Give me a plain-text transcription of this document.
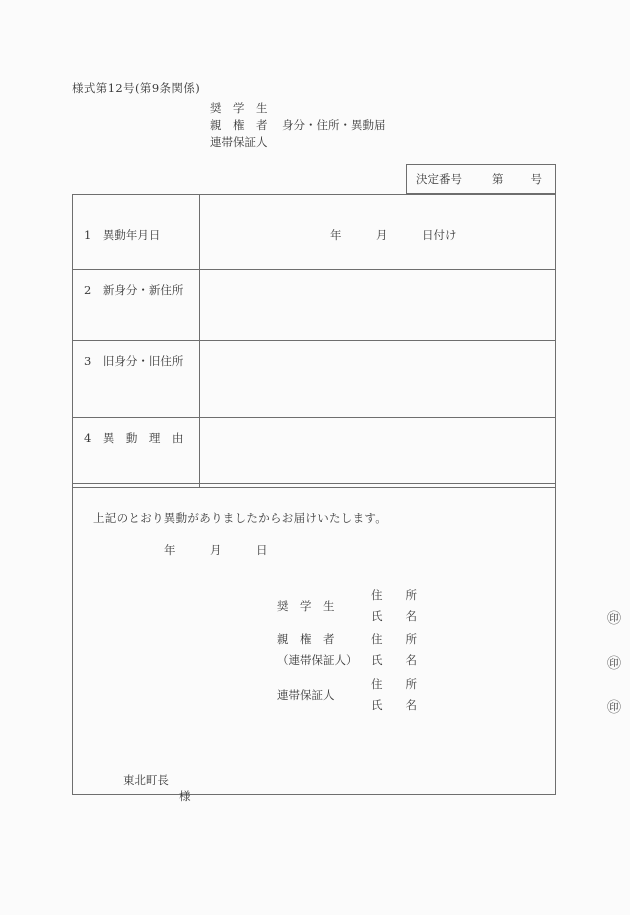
様式第12号(第9条関係)
奨　学　生
親　権　者	身分・住所・異動届
連帯保証人
決定番号	第 号
1　異動年月日	年　　　月　　　日付け

2　新身分・新住所	

3　旧身分・旧住所	

4　異　動　理　由	

上記のとおり異動がありましたからお届けいたします。
年　　　月　　　日
奨　学　生
住　　所
氏　　名	㊞
親　権　者
（連帯保証人）
住　　所
氏　　名	㊞
連帯保証人
住　　所
氏　　名	㊞

東北町長
様
